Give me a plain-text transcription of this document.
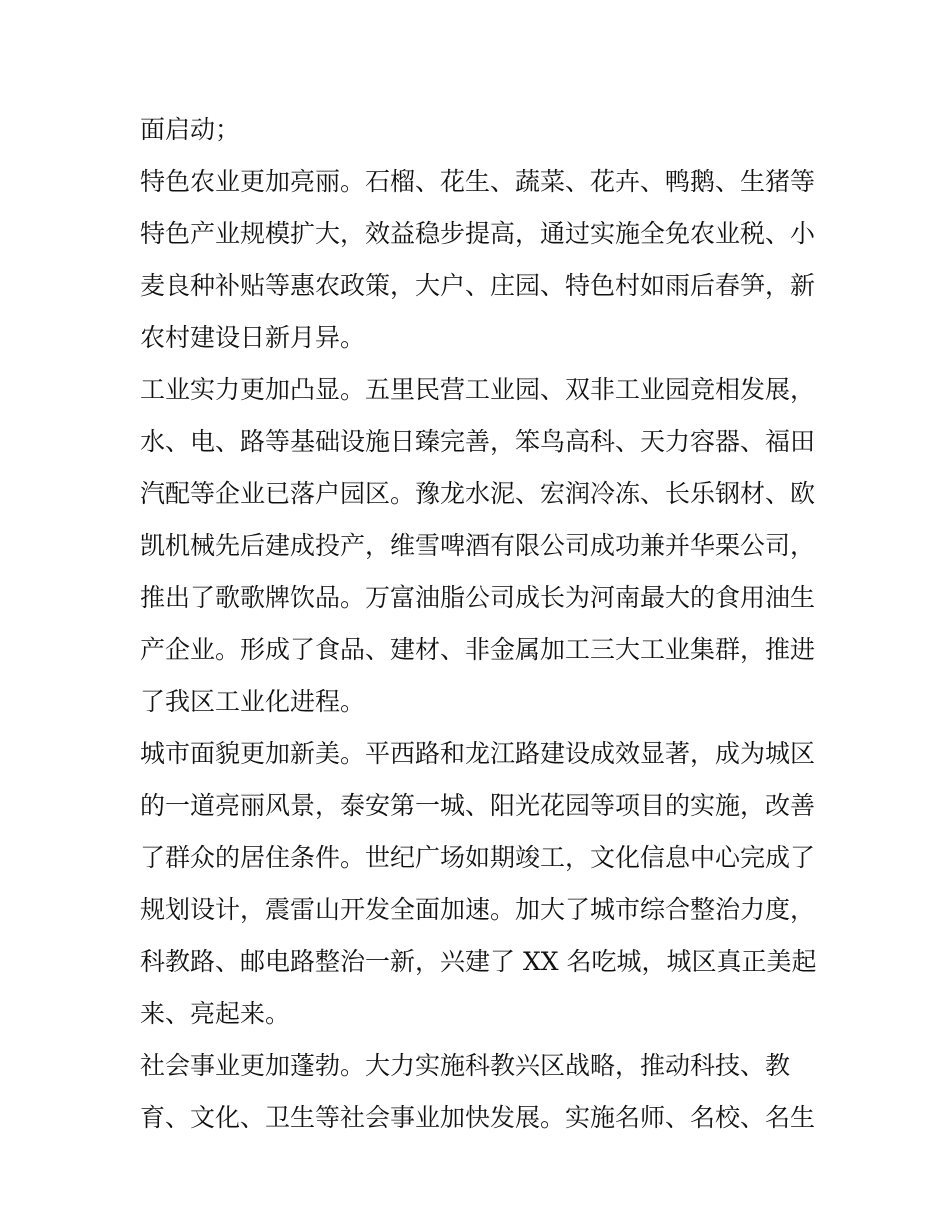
面启动；
特色农业更加亮丽。石榴、花生、蔬菜、花卉、鸭鹅、生猪等
特色产业规模扩大，效益稳步提高，通过实施全免农业税、小
麦良种补贴等惠农政策，大户、庄园、特色村如雨后春笋，新
农村建设日新月异。
工业实力更加凸显。五里民营工业园、双非工业园竞相发展，
水、电、路等基础设施日臻完善，笨鸟高科、天力容器、福田
汽配等企业已落户园区。豫龙水泥、宏润冷冻、长乐钢材、欧
凯机械先后建成投产，维雪啤酒有限公司成功兼并华栗公司，
推出了歌歌牌饮品。万富油脂公司成长为河南最大的食用油生
产企业。形成了食品、建材、非金属加工三大工业集群，推进
了我区工业化进程。
城市面貌更加新美。平西路和龙江路建设成效显著，成为城区
的一道亮丽风景，泰安第一城、阳光花园等项目的实施，改善
了群众的居住条件。世纪广场如期竣工，文化信息中心完成了
规划设计，震雷山开发全面加速。加大了城市综合整治力度，
科教路、邮电路整治一新，兴建了 XX 名吃城，城区真正美起
来、亮起来。
社会事业更加蓬勃。大力实施科教兴区战略，推动科技、教
育、文化、卫生等社会事业加快发展。实施名师、名校、名生
